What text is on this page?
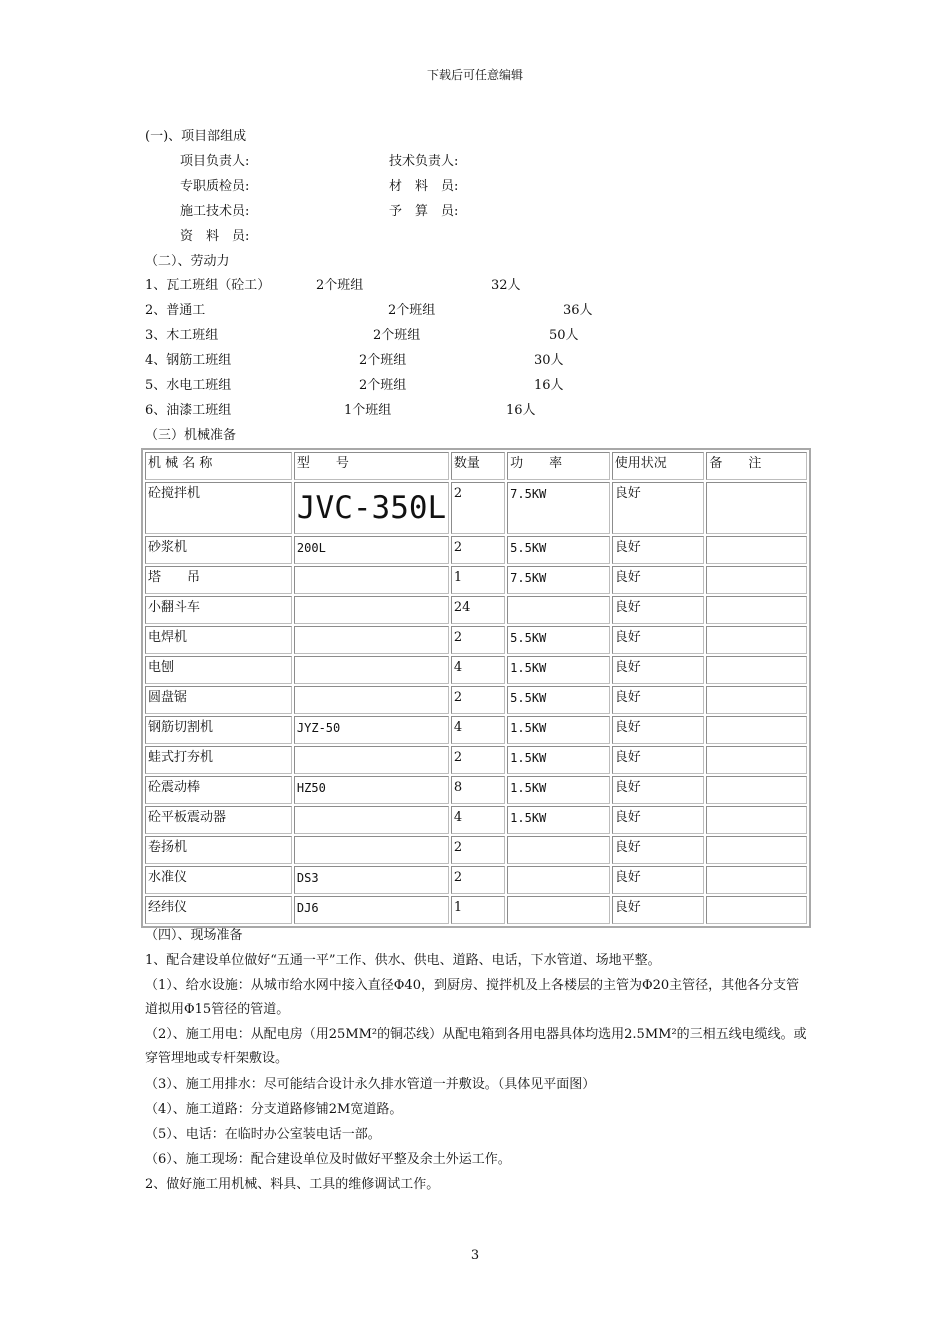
下载后可任意编辑
(一)、项目部组成
项目负责人:	技术负责人:
专职质检员:	材　料　员:
施工技术员:	予　算　员:
资　料　员:
（二）、劳动力
1、瓦工班组（砼工）	2个班组	32人
2、普通工	2个班组	36人
3、木工班组	2个班组	50人
4、钢筋工班组	2个班组	30人
5、水电工班组	2个班组	16人
6、油漆工班组	1个班组	16人
（三）机械准备
机 械 名 称	型　　号	数量	功　　率	使用状况	备　　注
砼搅拌机	JVC-350L	2	7.5KW	良好	
砂浆机	200L	2	5.5KW	良好	
塔　　吊		1	7.5KW	良好	
小翻斗车		24		良好	
电焊机		2	5.5KW	良好	
电刨		4	1.5KW	良好	
圆盘锯		2	5.5KW	良好	
钢筋切割机	JYZ-50	4	1.5KW	良好	
蛙式打夯机		2	1.5KW	良好	
砼震动棒	HZ50	8	1.5KW	良好	
砼平板震动器		4	1.5KW	良好	
卷扬机		2		良好	
水准仪	DS3	2		良好	
经纬仪	DJ6	1		良好	
（四）、现场准备
1、配合建设单位做好“五通一平”工作、供水、供电、道路、电话，下水管道、场地平整。
（1）、给水设施：从城市给水网中接入直径Φ40，到厨房、搅拌机及上各楼层的主管为Φ20主管径，其他各分支管道拟用Φ15管径的管道。
（2）、施工用电：从配电房（用25MM²的铜芯线）从配电箱到各用电器具体均选用2.5MM²的三相五线电缆线。或穿管埋地或专杆架敷设。
（3）、施工用排水：尽可能结合设计永久排水管道一并敷设。（具体见平面图）
（4）、施工道路：分支道路修铺2M宽道路。
（5）、电话：在临时办公室装电话一部。
（6）、施工现场：配合建设单位及时做好平整及余土外运工作。
2、做好施工用机械、料具、工具的维修调试工作。
3
